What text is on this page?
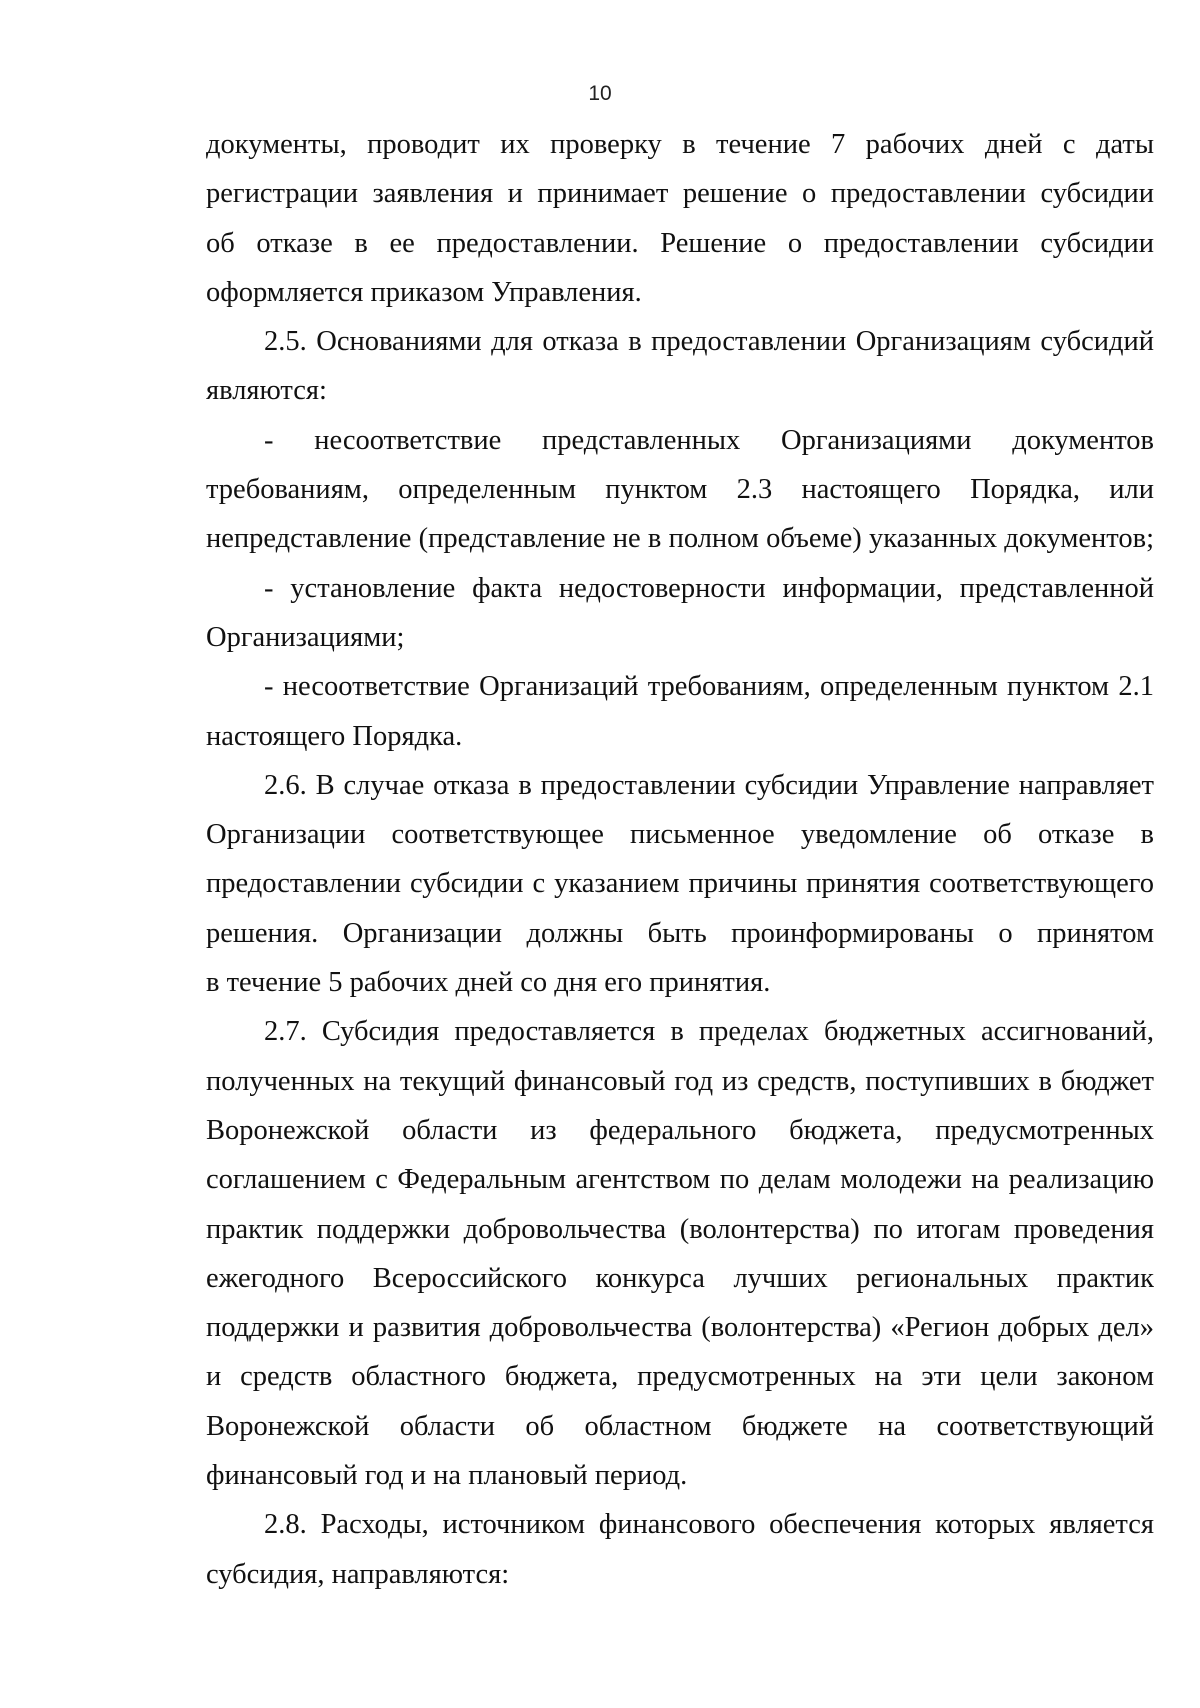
10
документы, проводит их проверку в течение 7 рабочих дней с даты
регистрации заявления и принимает решение о предоставлении субсидии
об отказе в ее предоставлении. Решение о предоставлении субсидии
оформляется приказом Управления.
2.5. Основаниями для отказа в предоставлении Организациям субсидий
являются:
- несоответствие представленных Организациями документов
требованиям, определенным пунктом 2.3 настоящего Порядка, или
непредставление (представление не в полном объеме) указанных документов;
- установление факта недостоверности информации, представленной
Организациями;
- несоответствие Организаций требованиям, определенным пунктом 2.1
настоящего Порядка.
2.6. В случае отказа в предоставлении субсидии Управление направляет
Организации соответствующее письменное уведомление об отказе в
предоставлении субсидии с указанием причины принятия соответствующего
решения. Организации должны быть проинформированы о принятом
в течение 5 рабочих дней со дня его принятия.
2.7. Субсидия предоставляется в пределах бюджетных ассигнований,
полученных на текущий финансовый год из средств, поступивших в бюджет
Воронежской области из федерального бюджета, предусмотренных
соглашением с Федеральным агентством по делам молодежи на реализацию
практик поддержки добровольчества (волонтерства) по итогам проведения
ежегодного Всероссийского конкурса лучших региональных практик
поддержки и развития добровольчества (волонтерства) «Регион добрых дел»
и средств областного бюджета, предусмотренных на эти цели законом
Воронежской области об областном бюджете на соответствующий
финансовый год и на плановый период.
2.8. Расходы, источником финансового обеспечения которых является
субсидия, направляются:
